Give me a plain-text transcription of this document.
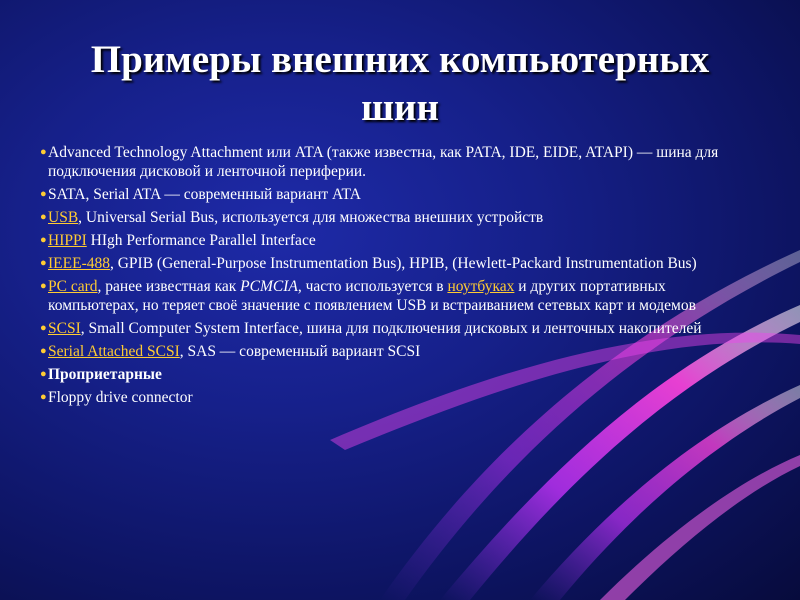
Примеры внешних компьютерных
шин
● Advanced Technology Attachment или ATA (также известна, как PATA, IDE, EIDE, ATAPI) — шина для подключения дисковой и ленточной периферии.
● SATA, Serial ATA — современный вариант ATA
● USB, Universal Serial Bus, используется для множества внешних устройств
● HIPPI HIgh Performance Parallel Interface
● IEEE-488, GPIB (General-Purpose Instrumentation Bus), HPIB, (Hewlett-Packard Instrumentation Bus)
● PC card, ранее известная как PCMCIA, часто используется в ноутбуках и других портативных компьютерах, но теряет своё значение с появлением USB и встраиванием сетевых карт и модемов
● SCSI, Small Computer System Interface, шина для подключения дисковых и ленточных накопителей
● Serial Attached SCSI, SAS — современный вариант SCSI
● Проприетарные
● Floppy drive connector
